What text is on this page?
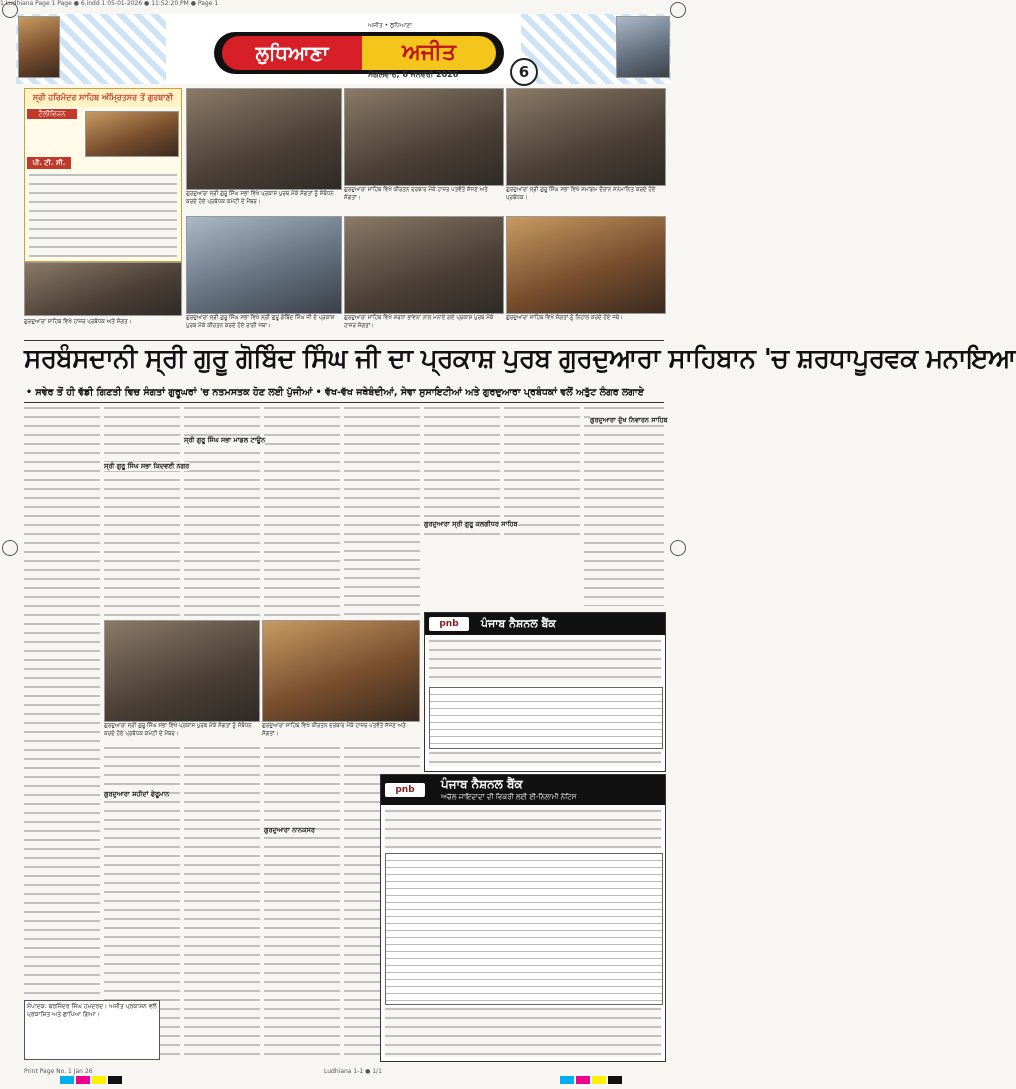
1 Ludhiana Page 1 Page ● 6.indd 1 05-01-2026 ● 11:52:20 PM ● Page 1
ਲੁਧਿਆਣਾ	ਅਜੀਤ
ਅਜੀਤ • ਲੁਧਿਆਣਾ
6
ਮੰਗਲਵਾਰ, 6 ਜਨਵਰੀ 2026
ਸ੍ਰੀ ਹਰਿਮੰਦਰ ਸਾਹਿਬ ਅੰਮ੍ਰਿਤਸਰ ਤੋਂ ਗੁਰਬਾਣੀ
ਟੈਲੀਵਿਜ਼ਨ
ਪੀ. ਟੀ. ਸੀ.
ਗੁਰਦੁਆਰਾ ਸ੍ਰੀ ਗੁਰੂ ਸਿੰਘ ਸਭਾ ਵਿਖੇ ਪ੍ਰਕਾਸ਼ ਪੁਰਬ ਮੌਕੇ ਸੰਗਤਾਂ ਨੂੰ ਸੰਬੋਧਨ ਕਰਦੇ ਹੋਏ ਪ੍ਰਬੰਧਕ ਕਮੇਟੀ ਦੇ ਮੈਂਬਰ।
ਗੁਰਦੁਆਰਾ ਸਾਹਿਬ ਵਿਖੇ ਕੀਰਤਨ ਦਰਬਾਰ ਮੌਕੇ ਹਾਜ਼ਰ ਪਤਵੰਤੇ ਸੱਜਣ ਅਤੇ ਸੰਗਤਾਂ।
ਗੁਰਦੁਆਰਾ ਸ੍ਰੀ ਗੁਰੂ ਸਿੰਘ ਸਭਾ ਵਿਖੇ ਸਮਾਗਮ ਦੌਰਾਨ ਸਨਮਾਨਿਤ ਕਰਦੇ ਹੋਏ ਪ੍ਰਬੰਧਕ।
ਗੁਰਦੁਆਰਾ ਸਾਹਿਬ ਵਿਖੇ ਹਾਜ਼ਰ ਪ੍ਰਬੰਧਕ ਅਤੇ ਸੰਗਤ।
ਗੁਰਦੁਆਰਾ ਸ੍ਰੀ ਗੁਰੂ ਸਿੰਘ ਸਭਾ ਵਿਖੇ ਸ੍ਰੀ ਗੁਰੂ ਗੋਬਿੰਦ ਸਿੰਘ ਜੀ ਦੇ ਪ੍ਰਕਾਸ਼ ਪੁਰਬ ਮੌਕੇ ਕੀਰਤਨ ਕਰਦੇ ਹੋਏ ਰਾਗੀ ਜਥਾ।
ਗੁਰਦੁਆਰਾ ਸਾਹਿਬ ਵਿਖੇ ਸ਼ਰਧਾ ਭਾਵਨਾ ਨਾਲ ਮਨਾਏ ਗਏ ਪ੍ਰਕਾਸ਼ ਪੁਰਬ ਮੌਕੇ ਹਾਜ਼ਰ ਸੰਗਤਾਂ।
ਗੁਰਦੁਆਰਾ ਸਾਹਿਬ ਵਿਖੇ ਸੰਗਤਾਂ ਨੂੰ ਨਿਹਾਲ ਕਰਦੇ ਹੋਏ ਜਥੇ।
ਸਰਬੰਸਦਾਨੀ ਸ੍ਰੀ ਗੁਰੂ ਗੋਬਿੰਦ ਸਿੰਘ ਜੀ ਦਾ ਪ੍ਰਕਾਸ਼ ਪੁਰਬ ਗੁਰਦੁਆਰਾ ਸਾਹਿਬਾਨ 'ਚ ਸ਼ਰਧਾਪੂਰਵਕ ਮਨਾਇਆ
• ਸਵੇਰ ਤੋਂ ਹੀ ਵੱਡੀ ਗਿਣਤੀ ਵਿਚ ਸੰਗਤਾਂ ਗੁਰੂਘਰਾਂ 'ਚ ਨਤਮਸਤਕ ਹੋਣ ਲਈ ਪੁੱਜੀਆਂ • ਵੱਖ-ਵੱਖ ਜਥੇਬੰਦੀਆਂ, ਸੇਵਾ ਸੁਸਾਇਟੀਆਂ ਅਤੇ ਗੁਰਦੁਆਰਾ ਪ੍ਰਬੰਧਕਾਂ ਵਲੋਂ ਅਤੁੱਟ ਲੰਗਰ ਲਗਾਏ
ਸ੍ਰੀ ਗੁਰੂ ਸਿੰਘ ਸਭਾ ਕਿਦਵਈ ਨਗਰ
ਸ੍ਰੀ ਗੁਰੂ ਸਿੰਘ ਸਭਾ ਮਾਡਲ ਟਾਊਨ
ਗੁਰਦੁਆਰਾ ਸ੍ਰੀ ਗੁਰੂ ਕਲਗੀਧਰ ਸਾਹਿਬ
ਗੁਰਦੁਆਰਾ ਦੁੱਖ ਨਿਵਾਰਨ ਸਾਹਿਬ
ਗੁਰਦੁਆਰਾ ਸ੍ਰੀ ਗੁਰੂ ਸਿੰਘ ਸਭਾ ਵਿਖੇ ਪ੍ਰਕਾਸ਼ ਪੁਰਬ ਮੌਕੇ ਸੰਗਤਾਂ ਨੂੰ ਸੰਬੋਧਨ ਕਰਦੇ ਹੋਏ ਪ੍ਰਬੰਧਕ ਕਮੇਟੀ ਦੇ ਮੈਂਬਰ।
ਗੁਰਦੁਆਰਾ ਸਾਹਿਬ ਵਿਖੇ ਕੀਰਤਨ ਦਰਬਾਰ ਮੌਕੇ ਹਾਜ਼ਰ ਪਤਵੰਤੇ ਸੱਜਣ ਅਤੇ ਸੰਗਤਾਂ।
ਗੁਰਦੁਆਰਾ ਸ਼ਹੀਦਾਂ ਫੇਰੂਮਾਨ
ਗੁਰਦੁਆਰਾ ਨਾਨਕਸਰ
pnb	ਪੰਜਾਬ ਨੈਸ਼ਨਲ ਬੈਂਕ
pnb	ਪੰਜਾਬ ਨੈਸ਼ਨਲ ਬੈਂਕ
ਅਚੱਲ ਜਾਇਦਾਦਾਂ ਦੀ ਵਿਕਰੀ ਲਈ ਈ-ਨਿਲਾਮੀ ਨੋਟਿਸ
ਸੰਪਾਦਕ: ਬਰਜਿੰਦਰ ਸਿੰਘ ਹਮਦਰਦ। ਅਜੀਤ ਪ੍ਰਕਾਸ਼ਨ ਵਲੋਂ ਪ੍ਰਕਾਸ਼ਿਤ ਅਤੇ ਛਾਪਿਆ ਗਿਆ।
Print Page No. 1 Jan 26	Ludhiana 1-1 ● 1/1
